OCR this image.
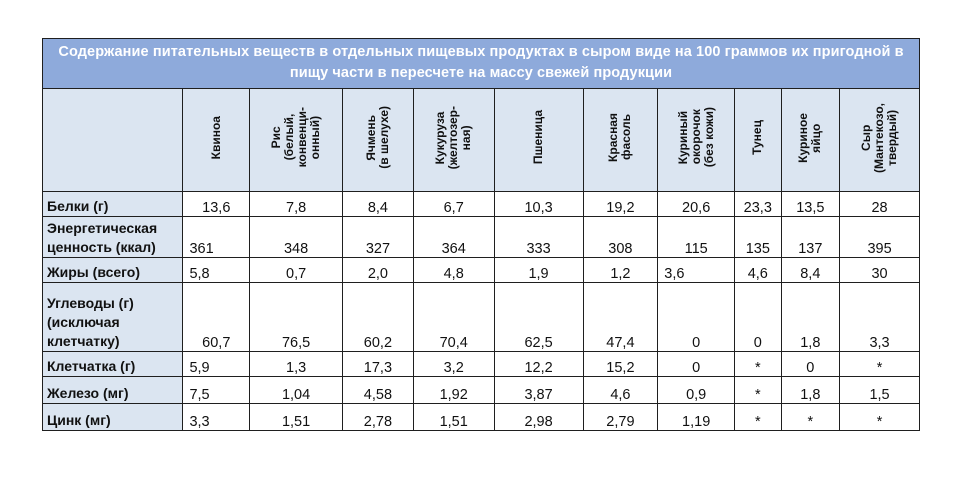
Содержание питательных веществ в отдельных пищевых продуктах в сыром виде на 100 граммов их пригодной в пищу части в пересчете на массу свежей продукции
	Квиноа	Рис
(белый,
конвенци-
онный)	Ячмень
(в шелухе)	Кукуруза
(желтозер-
ная)	Пшеница	Красная
фасоль	Куриный
окорочок
(без кожи)	Тунец	Куриное
яйцо	Сыр
(Мантекозо,
твердый)
Белки (г)	13,6	7,8	8,4	6,7	10,3	19,2	20,6	23,3	13,5	28
Энергетическая
ценность (ккал)	361	348	327	364	333	308	115	135	137	395
Жиры (всего)	5,8	0,7	2,0	4,8	1,9	1,2	3,6	4,6	8,4	30
Углеводы (г)
(исключая
клетчатку)	60,7	76,5	60,2	70,4	62,5	47,4	0	0	1,8	3,3
Клетчатка (г)	5,9	1,3	17,3	3,2	12,2	15,2	0	*	0	*
Железо (мг)	7,5	1,04	4,58	1,92	3,87	4,6	0,9	*	1,8	1,5
Цинк (мг)	3,3	1,51	2,78	1,51	2,98	2,79	1,19	*	*	*
